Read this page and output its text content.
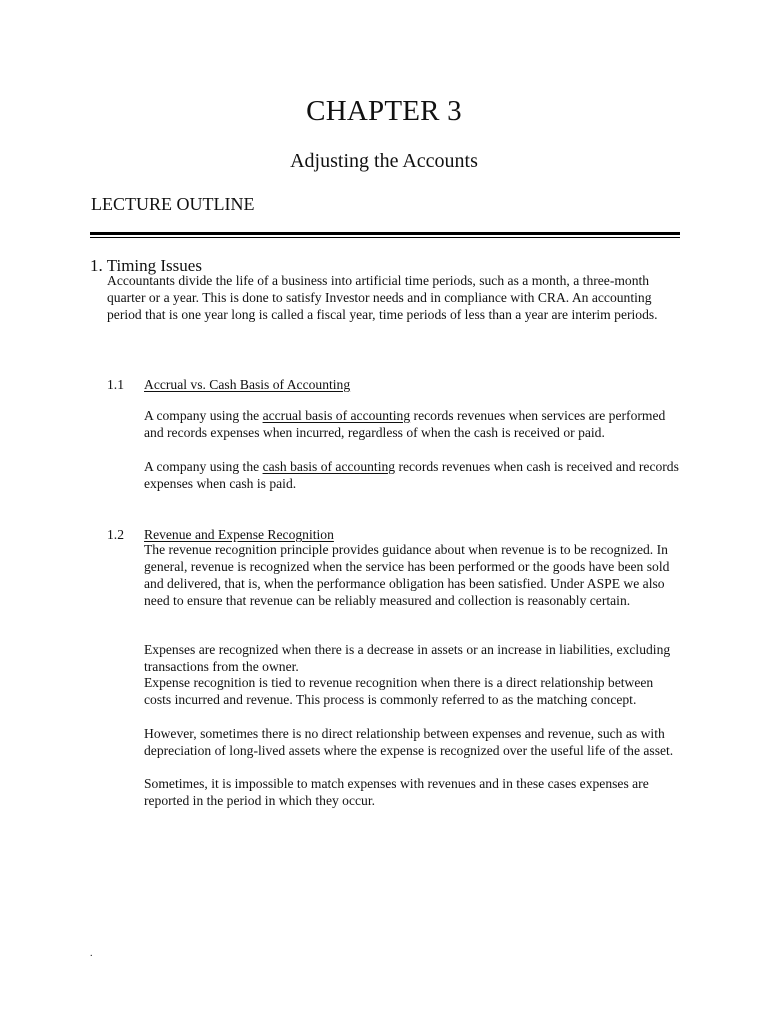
CHAPTER 3
Adjusting the Accounts
LECTURE OUTLINE
1. Timing Issues

Accountants divide the life of a business into artificial time periods, such as a month, a three-month quarter or a year. This is done to satisfy Investor needs and in compliance with CRA. An accounting period that is one year long is called a fiscal year, time periods of less than a year are interim periods.

1.1 Accrual vs. Cash Basis of Accounting

A company using the accrual basis of accounting records revenues when services are performed and records expenses when incurred, regardless of when the cash is received or paid.

A company using the cash basis of accounting records revenues when cash is received and records expenses when cash is paid.

1.2 Revenue and Expense Recognition

The revenue recognition principle provides guidance about when revenue is to be recognized. In general, revenue is recognized when the service has been performed or the goods have been sold and delivered, that is, when the performance obligation has been satisfied. Under ASPE we also need to ensure that revenue can be reliably measured and collection is reasonably certain.

Expenses are recognized when there is a decrease in assets or an increase in liabilities, excluding transactions from the owner.

Expense recognition is tied to revenue recognition when there is a direct relationship between costs incurred and revenue. This process is commonly referred to as the matching concept.

However, sometimes there is no direct relationship between expenses and revenue, such as with depreciation of long-lived assets where the expense is recognized over the useful life of the asset.

Sometimes, it is impossible to match expenses with revenues and in these cases expenses are reported in the period in which they occur.

.
